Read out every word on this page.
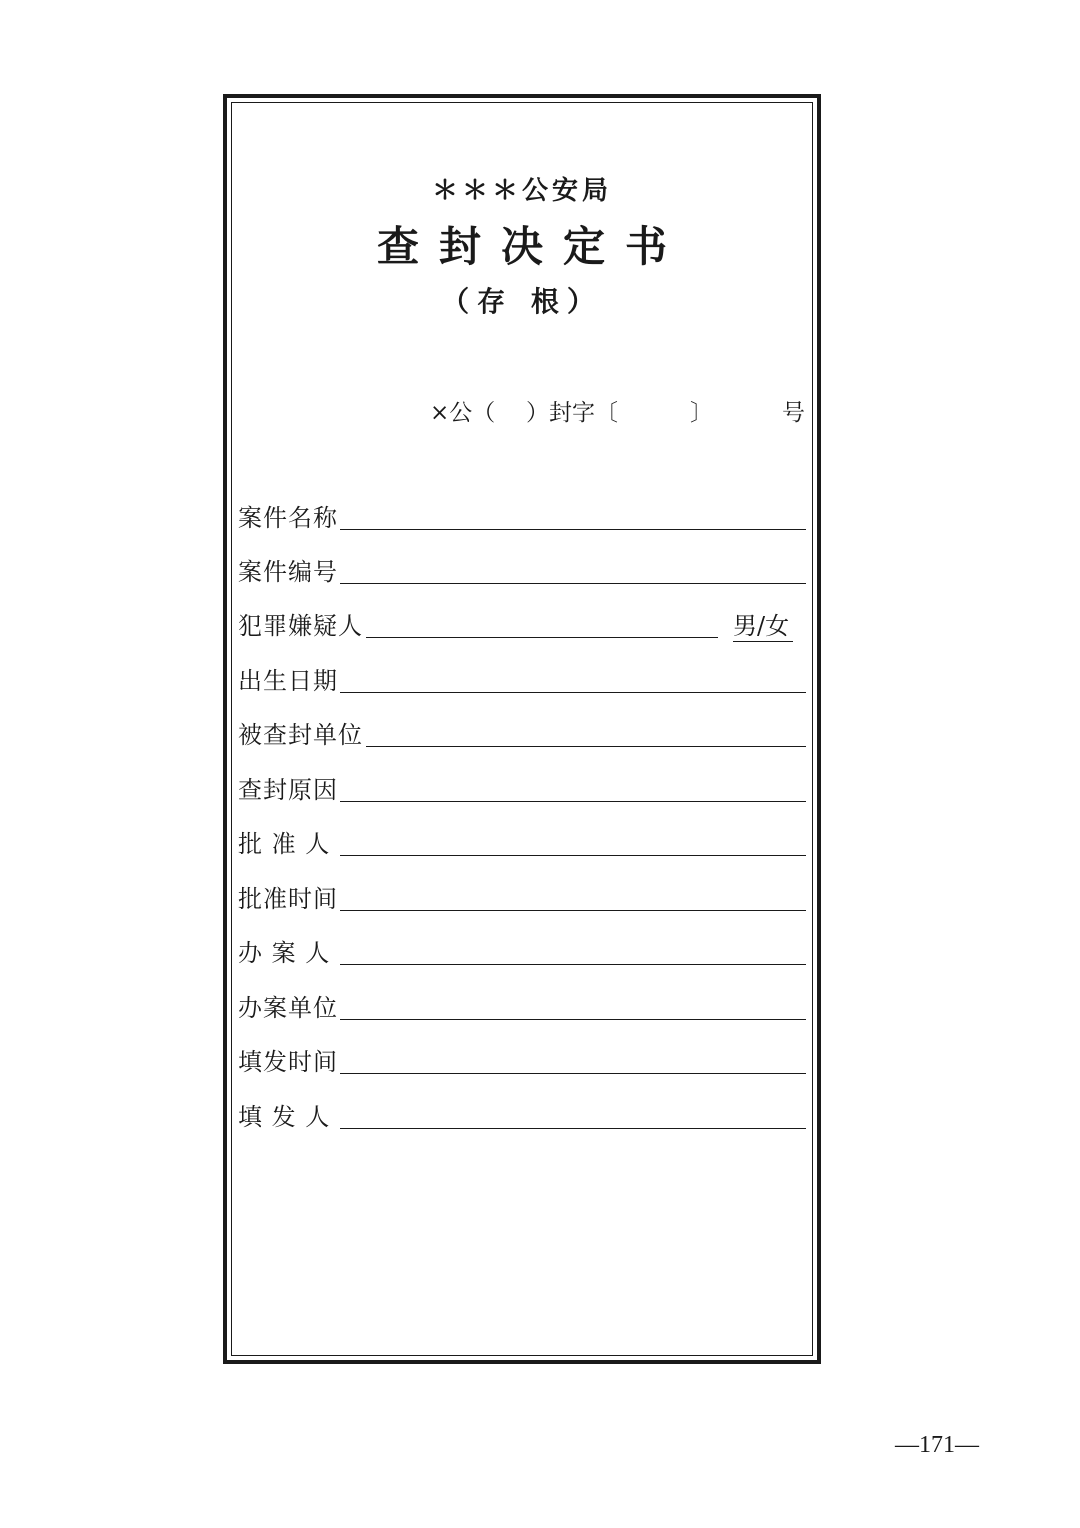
＊＊＊公安局
查封决定书
（存 根）
×公（ ）封字〔	〕	号
案件名称
案件编号
犯罪嫌疑人	男/女
出生日期
被查封单位
查封原因
批 准 人
批准时间
办 案 人
办案单位
填发时间
填 发 人
—171—
